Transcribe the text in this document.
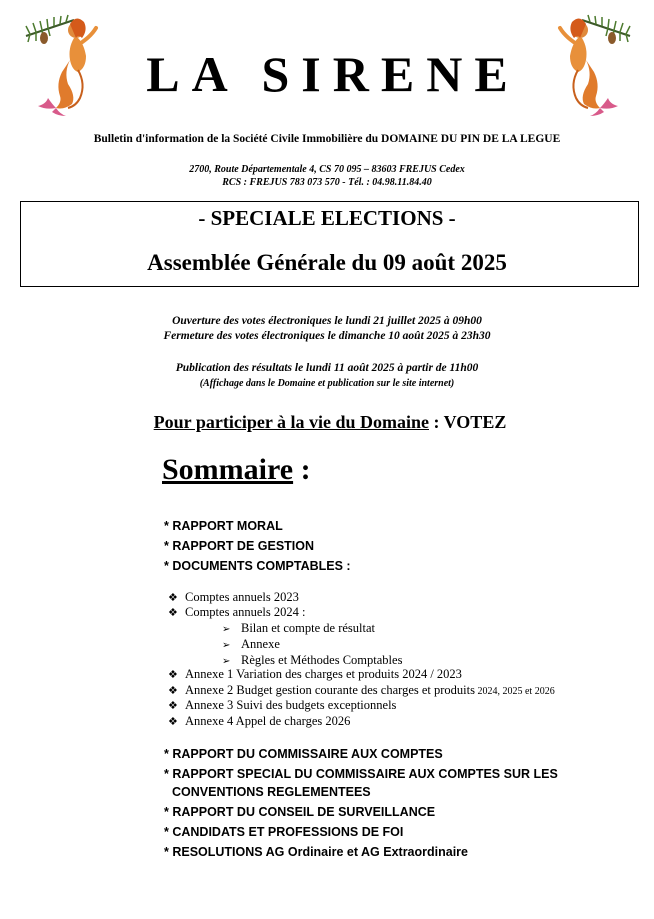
LA SIRENE
Bulletin d'information de la Société Civile Immobilière du DOMAINE DU PIN DE LA LEGUE
2700, Route Départementale 4, CS 70 095 – 83603 FREJUS Cedex
RCS : FREJUS 783 073 570 - Tél. : 04.98.11.84.40
- SPECIALE ELECTIONS -
Assemblée Générale du 09 août 2025
Ouverture des votes électroniques le lundi 21 juillet 2025 à 09h00
Fermeture des votes électroniques le dimanche 10 août 2025 à 23h30
Publication des résultats le lundi 11 août 2025 à partir de 11h00
(Affichage dans le Domaine et publication sur le site internet)
Pour participer à la vie du Domaine : VOTEZ
Sommaire :
* RAPPORT MORAL
* RAPPORT DE GESTION
* DOCUMENTS COMPTABLES :
❖ Comptes annuels 2023
❖ Comptes annuels 2024 :
➢ Bilan et compte de résultat
➢ Annexe
➢ Règles et Méthodes Comptables
❖ Annexe 1 Variation des charges et produits 2024 / 2023
❖ Annexe 2 Budget gestion courante des charges et produits 2024, 2025 et 2026
❖ Annexe 3 Suivi des budgets exceptionnels
❖ Annexe 4 Appel de charges 2026
* RAPPORT DU COMMISSAIRE AUX COMPTES
* RAPPORT SPECIAL DU COMMISSAIRE AUX COMPTES SUR LES
CONVENTIONS REGLEMENTEES
* RAPPORT DU CONSEIL DE SURVEILLANCE
* CANDIDATS ET PROFESSIONS DE FOI
* RESOLUTIONS AG Ordinaire et AG Extraordinaire
